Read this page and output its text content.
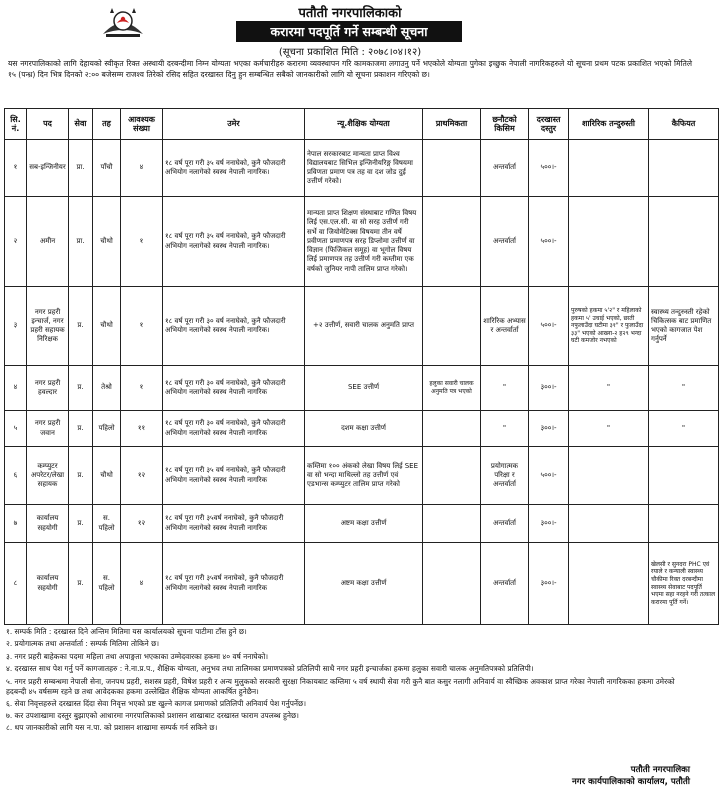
पतौती नगरपालिकाको
करारमा पदपूर्ति गर्ने सम्बन्धी सूचना
(सूचना प्रकाशित मिति : २०७८।०४।१२)
यस नगरपालिकाको लागि देहायको स्वीकृत रिक्त अस्थायी दरबन्दीमा निम्न योग्यता भएका कर्मचारीहरु करारमा व्यवस्थापन गरि कामकाजमा लगाउनु पर्ने भएकोले योग्यता पुगेका इच्छुक नेपाली नागरिकहरुले यो सूचना प्रथम पटक प्रकाशित भएको मितिले १५ (पन्ध्र) दिन भित्र दिनको २:०० बजेसम्म राजश्व तिरेको रसिद सहित दरखास्त दिनु हुन सम्बन्धित सबैको जानकारीको लागि यो सूचना प्रकाशन गरिएको छ।
सि. नं.	पद	सेवा	तह	आवश्यक संख्या	उमेर	न्यू.शैक्षिक योग्यता	प्राथमिकता	छनौटको किसिम	दरखास्त दस्तुर	शारिरिक तन्दुरुस्ती	कैफियत
१	सब-इन्जिनीयर	प्रा.	पाँचौ	४	१८ वर्ष पूरा गरी ३५ वर्ष ननाघेको, कुनै फौजदारी अभियोग नलागेको स्वस्थ नेपाली नागरिक।	नेपाल सरकारबाट मान्यता प्राप्त विश्व विद्यालयबाट सिभिल इन्जिनीयरिङ्ग विषयमा प्रविणता प्रमाण पत्र तह वा दश जोड दुई उत्तीर्ण गरेको।		अन्तर्वार्ता	५००।-		
२	अमीन	प्रा.	चौथो	१	१८ वर्ष पूरा गरी ३५ वर्ष ननाघेको, कुनै फौजदारी अभियोग नलागेको स्वस्थ नेपाली नागरिक।	मान्यता प्राप्त शिक्षण संस्थाबाट गणित विषय लिई एस.एल.सी. वा सो सरह उत्तीर्ण गरी सर्भे वा जियोमेटिक्स विषयमा तीन वर्षे प्रवीणता प्रमाणपत्र सरह डिप्लोमा उत्तीर्ण वा विज्ञान (फिजिकल समूह) वा भूगोल विषय लिई प्रमाणपत्र तह उत्तीर्ण गरी कम्तीमा एक वर्षको जुनियर नापी तालिम प्राप्त गरेको।		अन्तर्वार्ता	५००।-		
३	नगर प्रहरी इन्चार्ज, नगर प्रहरी सहायक निरिक्षक	प्र.	चौथो	१	१८ वर्ष पूरा गरी ३० वर्ष ननाघेको, कुनै फौजदारी अभियोग नलागेको स्वस्थ नेपाली नागरिक।	+२ उत्तीर्ण, सवारी चालक अनुमति प्राप्त		शारिरिक अभ्यास र अन्तर्वार्ता	५००।-	पुरुषको हकमा ५'२" र महिलाको हकमा ५' उचाई भएको, छाती नफुलाउँदा घटीमा ३१" र फुलाउँदा ३३" भएको आख्ना-२ ह२९ भन्दा घटी कमजोर नभएको	स्वास्थ्य तन्दुरुस्ती रहेको चिकित्सक बाट प्रमाणित भएको कागजात पेश गर्नुपर्ने
४	नगर प्रहरी हवल्दार	प्र.	तेश्रो	१	१८ वर्ष पूरा गरी ३० वर्ष ननाघेको, कुनै फौजदारी अभियोग नलागेको स्वस्थ नेपाली नागरिक	SEE उत्तीर्ण	हलुका सवारी चालक अनुमति पत्र भएको	"	३००।-	"	"
५	नगर प्रहरी जवान	प्र.	पहिलो	११	१८ वर्ष पूरा गरी ३० वर्ष ननाघेको, कुनै फौजदारी अभियोग नलागेको स्वस्थ नेपाली नागरिक	दशम कक्षा उत्तीर्ण		"	३००।-	"	"
६	कम्प्युटर अपरेटर/लेखा सहायक	प्र.	चौथो	१२	१८ वर्ष पूरा गरी ३५ वर्ष ननाघेको, कुनै फौजदारी अभियोग नलागेको स्वस्थ नेपाली नागरिक	कम्तिमा १०० अंकको लेखा विषय लिई SEE वा सो भन्दा माथिल्लो तह उत्तीर्ण एवं एडभान्स कम्प्युटर तालिम प्राप्त गरेको		प्रयोगात्मक परिक्षा र अन्तर्वार्ता	५००।-		
७	कार्यालय सहयोगी	प्र.	स. पहिलो	१२	१८ वर्ष पूरा गरी ३५वर्ष ननाघेको, कुनै फौजदारी अभियोग नलागेको स्वस्थ नेपाली नागरिक	अष्टम कक्षा उत्तीर्ण		अन्तर्वार्ता	३००।-		
८	कार्यालय सहयोगी	प्र.	स. पहिलो	४	१८ वर्ष पूरा गरी ३५वर्ष ननाघेको, कुनै फौजदारी अभियोग नलागेको स्वस्थ नेपाली नागरिक	अष्टम कक्षा उत्तीर्ण		अन्तर्वार्ता	३००।-		खेलसी र सुनदरा PHC एवं रयाले र कन्याली स्वास्थ्य चौकीमा रिक्त दरबन्दीमा स्वास्थ्य सेवाबाट पदपूर्ति भएमा सहा नरहने गरी तत्काल करारमा पूर्ति गर्ने।
१. सम्पर्क मिति : दरखास्त दिने अन्तिम मितिमा यस कार्यालयको सूचना पाटीमा टाँस हुने छ।
२. प्रयोगात्मक तथा अन्तर्वार्ता : सम्पर्क मितिमा तोकिने छ।
३. नगर प्रहरी बाहेकका पदमा महिला तथा अपाङ्गता भएकाका उम्मेदवारका हकमा ४० वर्ष ननाघेको।
४. दरखास्त साथ पेश गर्नु पर्ने कागजातहरु : ने.ना.प्र.प., शैक्षिक योग्यता, अनुभव तथा तालिमका प्रमाणपत्रको प्रतिलिपी साथै नगर प्रहरी इन्चार्जका हकमा हलुका सवारी चालक अनुमतिपत्रको प्रतिलिपी।
५. नगर प्रहरी सम्बन्धमा नेपाली सेना, जनपथ प्रहरी, सशस्त्र प्रहरी, विषेश प्रहरी र अन्य मुलुकको सरकारी सुरक्षा निकायबाट कम्तिमा ५ वर्ष स्थायी सेवा गरी कुनै बात कसुर नलागी अनिवार्य वा स्वैच्छिक अवकाश प्राप्त गरेका नेपाली नागरिकका हकमा उमेरको हदबन्दी ४५ वर्षसम्म रहने छ तथा आवेदकका हकमा उल्लेखित शैक्षिक योग्यता आकर्षित हुनेछैन।
६. सेवा निवृत्तहरुले दरखास्त दिंदा सेवा निवृत्त भएको प्रष्ट खुल्ने कागज प्रमाणको प्रतिलिपी अनिवार्य पेश गर्नुपर्नेछ।
७. कर उपशाखामा दस्तुर बुझाएको आधारमा नगरपालिकाको प्रशासन शाखाबाट दरखास्त फाराम उपलब्ध हुनेछ।
८. थप जानकारीको लागि यस न.पा. को प्रशासन शाखामा सम्पर्क गर्न सकिने छ।
पतौती नगरपालिका
नगर कार्यपालिकाको कार्यालय, पतौती
